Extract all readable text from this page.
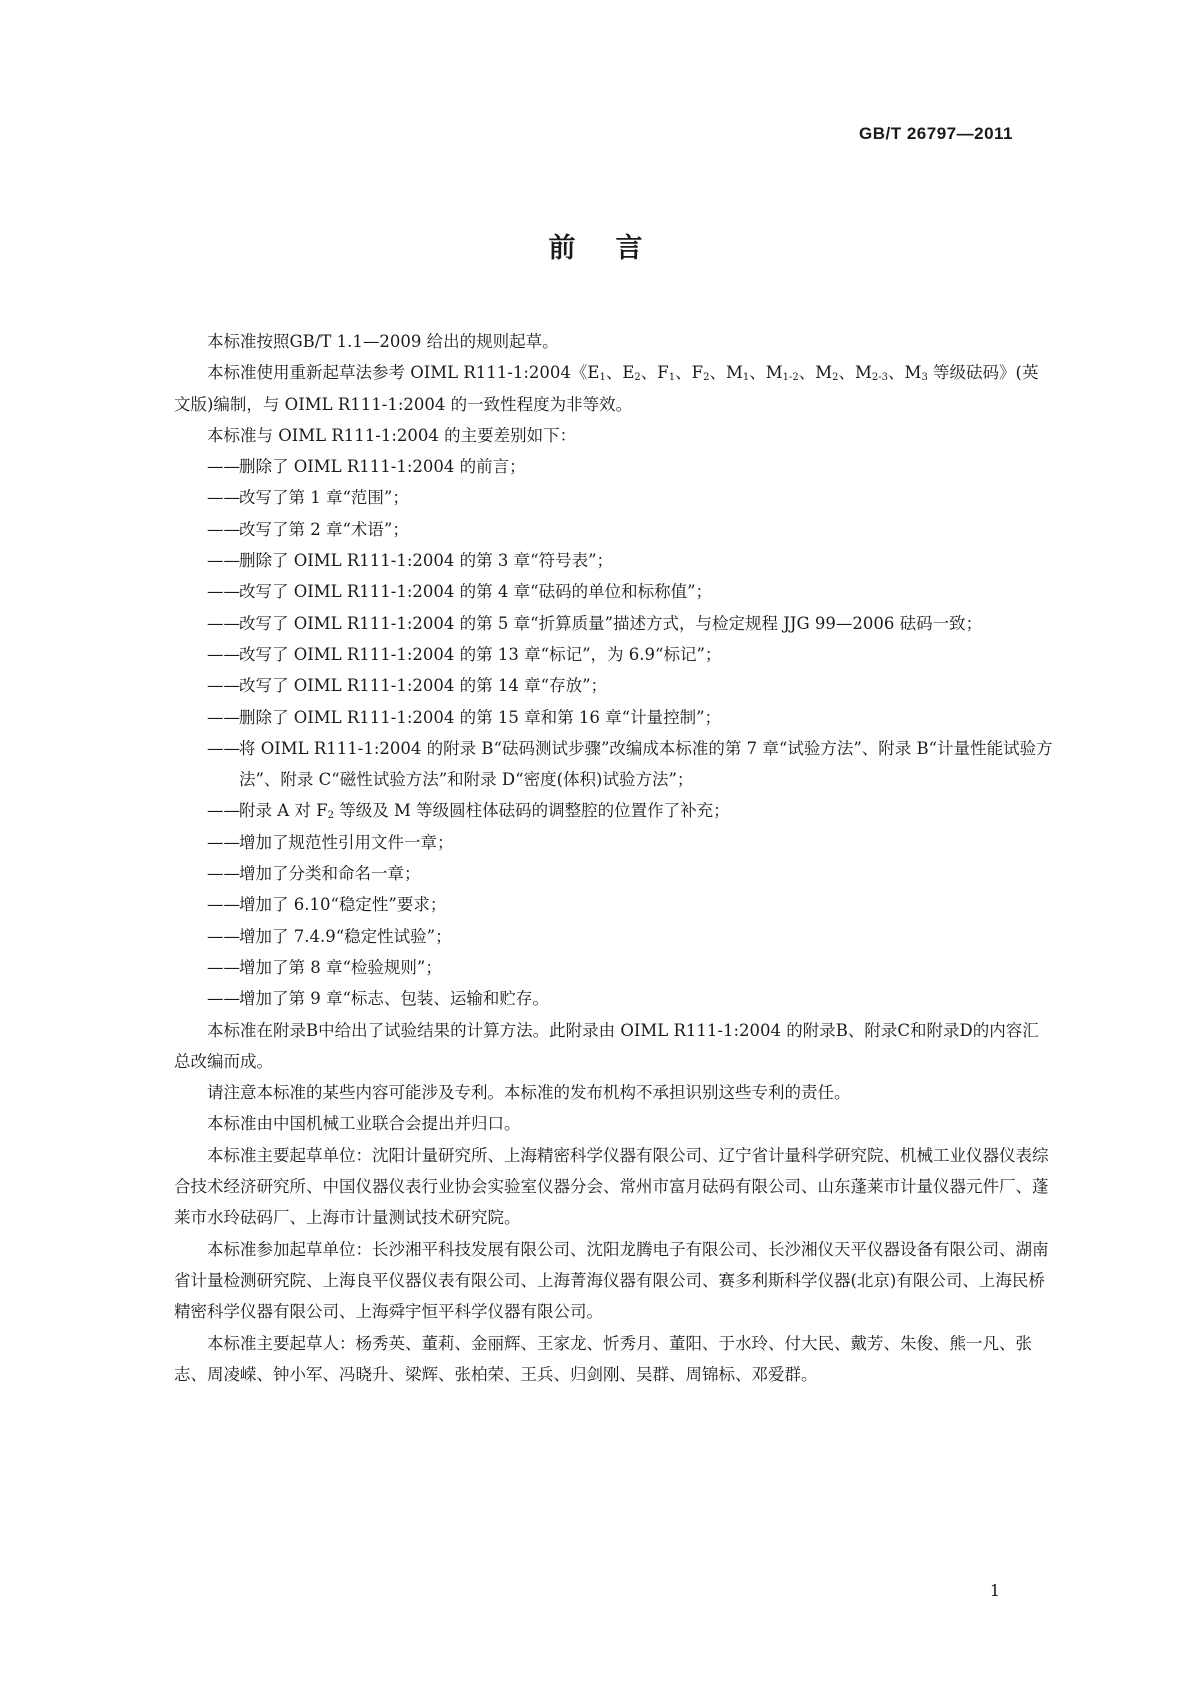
GB/T 26797—2011
前言

本标准按照GB/T 1.1—2009 给出的规则起草。

本标准使用重新起草法参考 OIML R111-1:2004《$E_1$、$E_2$、$F_1$、$F_2$、$M_1$、$M_{1-2}$、$M_2$、$M_{2-3}$、$M_3$ 等级砝码》(英文版)编制，与 OIML R111-1:2004 的一致性程度为非等效。

本标准与 OIML R111-1:2004 的主要差别如下：

——删除了 OIML R111-1:2004 的前言；

——改写了第 1 章“范围”；

——改写了第 2 章“术语”；

——删除了 OIML R111-1:2004 的第 3 章“符号表”；

——改写了 OIML R111-1:2004 的第 4 章“砝码的单位和标称值”；

——改写了 OIML R111-1:2004 的第 5 章“折算质量”描述方式，与检定规程 JJG 99—2006 砝码一致；

——改写了 OIML R111-1:2004 的第 13 章“标记”，为 6.9“标记”；

——改写了 OIML R111-1:2004 的第 14 章“存放”；

——删除了 OIML R111-1:2004 的第 15 章和第 16 章“计量控制”；

——将 OIML R111-1:2004 的附录 B“砝码测试步骤”改编成本标准的第 7 章“试验方法”、附录 B“计量性能试验方法”、附录 C“磁性试验方法”和附录 D“密度(体积)试验方法”；

——附录 A 对 $F_2$ 等级及 M 等级圆柱体砝码的调整腔的位置作了补充；

——增加了规范性引用文件一章；

——增加了分类和命名一章；

——增加了 6.10“稳定性”要求；

——增加了 7.4.9“稳定性试验”；

——增加了第 8 章“检验规则”；

——增加了第 9 章“标志、包装、运输和贮存。

本标准在附录B中给出了试验结果的计算方法。此附录由 OIML R111-1:2004 的附录B、附录C和附录D的内容汇总改编而成。

请注意本标准的某些内容可能涉及专利。本标准的发布机构不承担识别这些专利的责任。

本标准由中国机械工业联合会提出并归口。

本标准主要起草单位：沈阳计量研究所、上海精密科学仪器有限公司、辽宁省计量科学研究院、机械工业仪器仪表综合技术经济研究所、中国仪器仪表行业协会实验室仪器分会、常州市富月砝码有限公司、山东蓬莱市计量仪器元件厂、蓬莱市水玲砝码厂、上海市计量测试技术研究院。

本标准参加起草单位：长沙湘平科技发展有限公司、沈阳龙腾电子有限公司、长沙湘仪天平仪器设备有限公司、湖南省计量检测研究院、上海良平仪器仪表有限公司、上海菁海仪器有限公司、赛多利斯科学仪器(北京)有限公司、上海民桥精密科学仪器有限公司、上海舜宇恒平科学仪器有限公司。

本标准主要起草人：杨秀英、董莉、金丽辉、王家龙、忻秀月、董阳、于水玲、付大民、戴芳、朱俊、熊一凡、张志、周凌嵘、钟小军、冯晓升、梁辉、张柏荣、王兵、归剑刚、吴群、周锦标、邓爱群。

1
